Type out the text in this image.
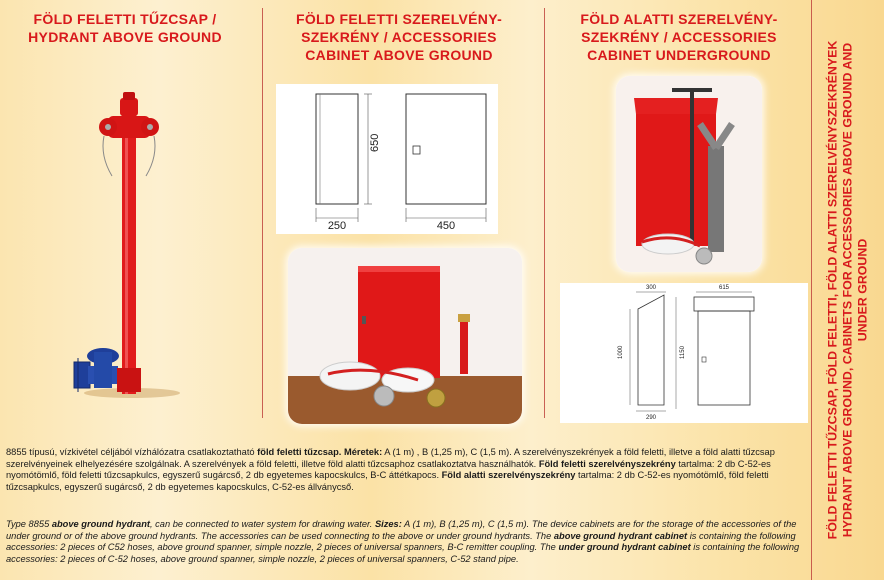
FÖLD FELETTI TŰZCSAP /
HYDRANT ABOVE GROUND
FÖLD FELETTI SZERELVÉNY-
SZEKRÉNY / ACCESSORIES
CABINET ABOVE GROUND
FÖLD ALATTI SZERELVÉNY-
SZEKRÉNY / ACCESSORIES
CABINET UNDERGROUND
650
250	450
300
1000	1150
290
615	FÖLD FELETTI TŰZCSAP, FÖLD FELETTI, FÖLD ALATTI SZERELVÉNYSZEKRÉNYEK HYDRANT ABOVE GROUND, CABINETS FOR ACCESSORIES ABOVE GROUND AND UNDER GROUND

8855 típusú, vízkivétel céljából vízhálózatra csatlakoztatható föld feletti tűzcsap. Méretek: A (1 m) , B (1,25 m), C (1,5 m). A szerelvényszekrények a föld feletti, illetve a föld alatti tűzcsap szerelvényeinek elhelyezésére szolgálnak. A szerelvények a föld feletti, illetve föld alatti tűzcsaphoz csatlakoztatva használhatók. Föld feletti szerelvényszekrény tartalma: 2 db C-52-es nyomótömlő, föld feletti tűzcsapkulcs, egyszerű sugárcső, 2 db egyetemes kapocskulcs, B-C áttétkapocs. Föld alatti szerelvényszekrény tartalma: 2 db C-52-es nyomótömlő, föld feletti tűzcsapkulcs, egyszerű sugárcső, 2 db egyetemes kapocskulcs, C-52-es állványcső.

Type 8855 above ground hydrant, can be connected to water system for drawing water. Sizes: A (1 m), B (1,25 m), C (1,5 m). The device cabinets are for the storage of the accessories of the under ground or of the above ground hydrants. The accessories can be used connecting to the above or under ground hydrants. The above ground hydrant cabinet is containing the following accessories: 2 pieces of C52 hoses, above ground spanner, simple nozzle, 2 pieces of universal spanners, B-C remitter coupling. The under ground hydrant cabinet is containing the following accessories: 2 pieces of C-52 hoses, above ground spanner, simple nozzle, 2 pieces of universal spanners, C-52 stand pipe.
